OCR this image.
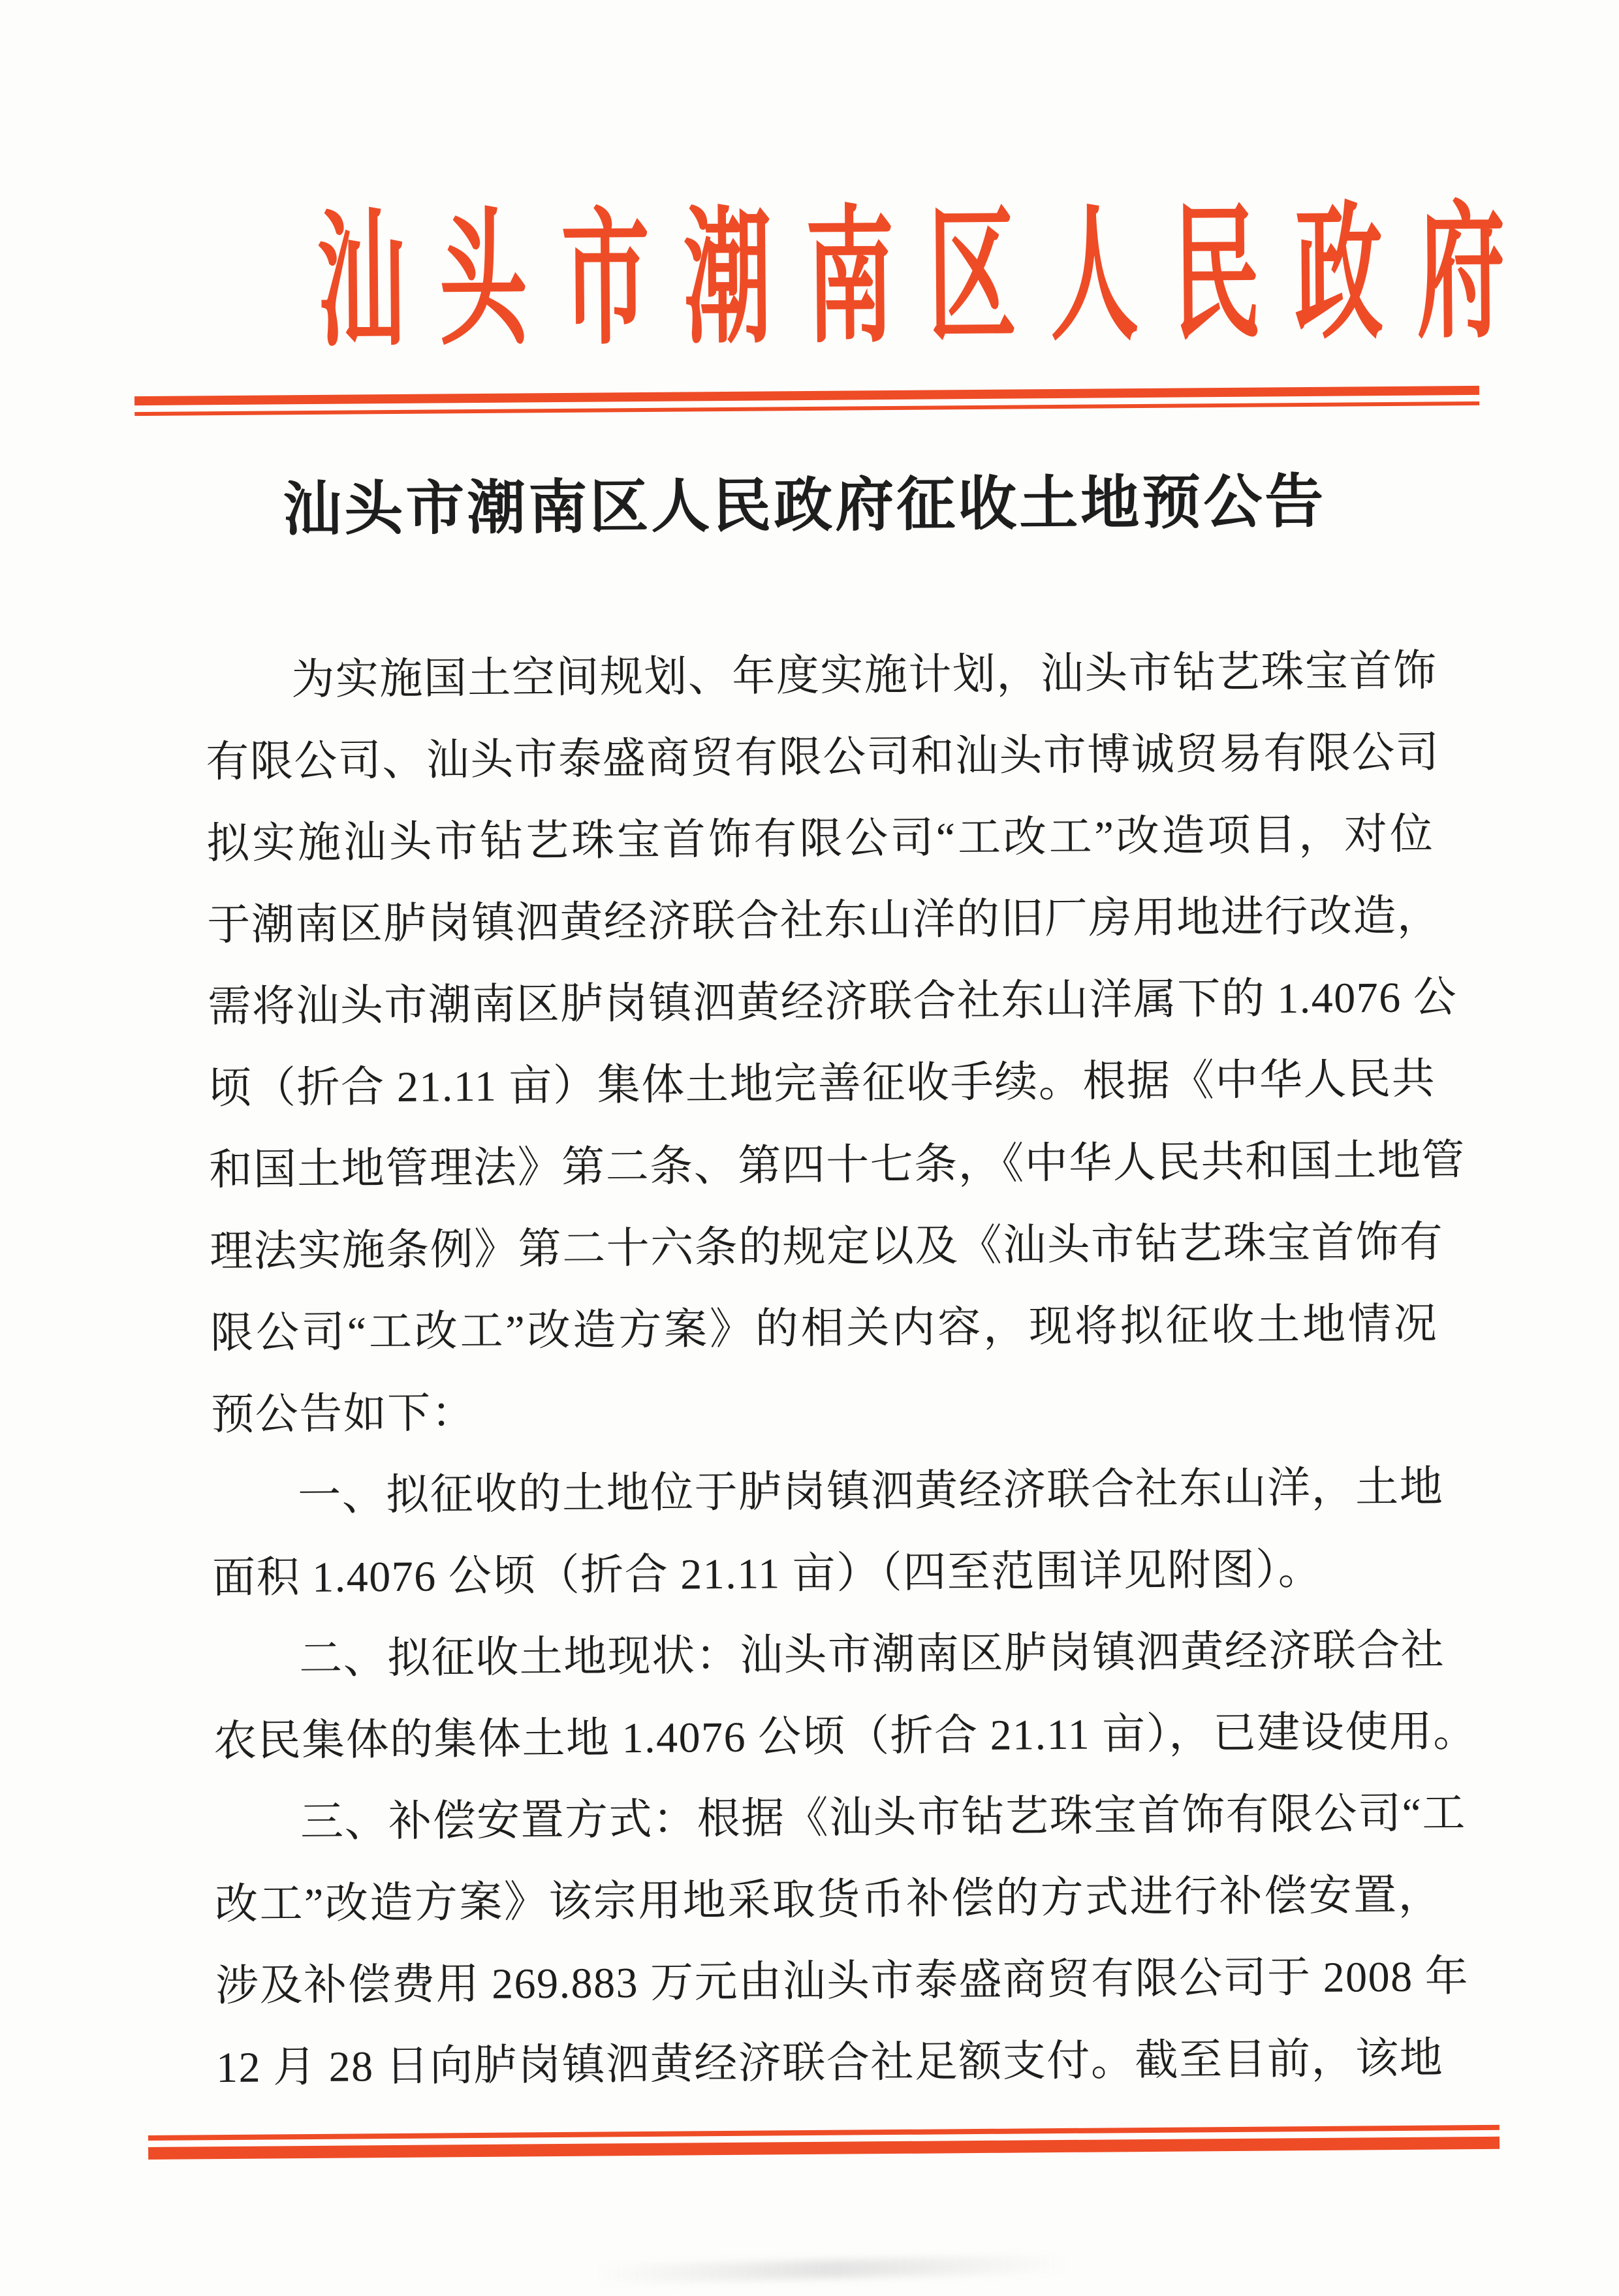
汕头市潮南区人民政府
汕头市潮南区人民政府征收土地预公告

为实施国土空间规划、年度实施计划，汕头市钻艺珠宝首饰

有限公司、汕头市泰盛商贸有限公司和汕头市博诚贸易有限公司

拟实施汕头市钻艺珠宝首饰有限公司“工改工”改造项目，对位

于潮南区胪岗镇泗黄经济联合社东山洋的旧厂房用地进行改造，

需将汕头市潮南区胪岗镇泗黄经济联合社东山洋属下的 1.4076 公

顷（折合 21.11 亩）集体土地完善征收手续。根据《中华人民共

和国土地管理法》第二条、第四十七条，《中华人民共和国土地管

理法实施条例》第二十六条的规定以及《汕头市钻艺珠宝首饰有

限公司“工改工”改造方案》的相关内容，现将拟征收土地情况

预公告如下：

一、拟征收的土地位于胪岗镇泗黄经济联合社东山洋，土地

面积 1.4076 公顷（折合 21.11 亩）（四至范围详见附图）。

二、拟征收土地现状：汕头市潮南区胪岗镇泗黄经济联合社

农民集体的集体土地 1.4076 公顷（折合 21.11 亩），已建设使用。

三、补偿安置方式：根据《汕头市钻艺珠宝首饰有限公司“工

改工”改造方案》该宗用地采取货币补偿的方式进行补偿安置，

涉及补偿费用 269.883 万元由汕头市泰盛商贸有限公司于 2008 年

12 月 28 日向胪岗镇泗黄经济联合社足额支付。截至目前，该地
